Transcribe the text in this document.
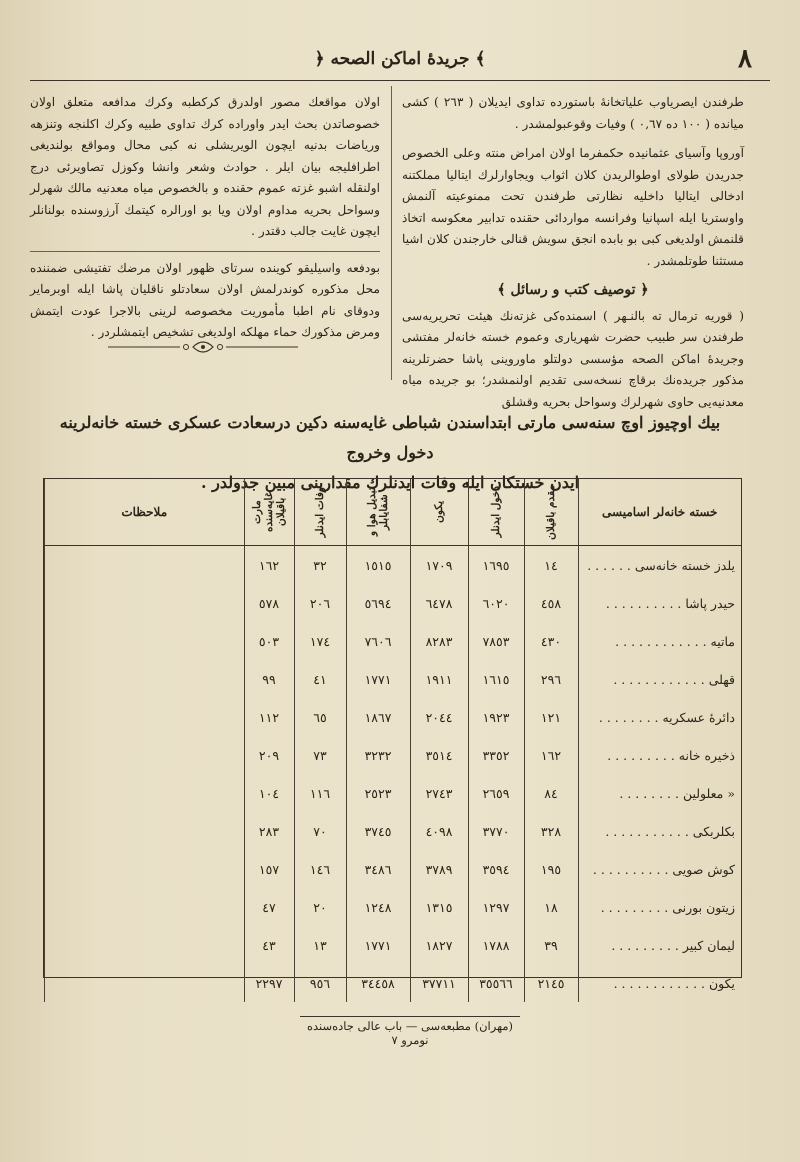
٨
﴿ جريدهٔ اماكن الصحه ﴾

طرفندن ايصرياوب علياتخانهٔ باستورده تداوى ايديلان ( ٢٦٣ ) كشى ميانده ( ١٠٠ ده ٠,٦٧ ) وفيات وقوعبولمشدر .

آوروپا وآسياى عثمانيده حكمفرما اولان امراض منته وعلى الخصوص جدريدن طولاى اوطوالريدن كلان اثواب ويجاوارلرك ايتاليا مملكتنه ادخالى ايتاليا داخليه نظارتى طرفندن تحت ممنوعيته آلنمش واوستريا ايله اسپانيا وفرانسه مواردائى حقنده تدابير معكوسه اتخاذ قلنمش اولديغى كبى بو بابده انجق سويش قنالى خارجندن كلان اشيا مستثنا طوتلمشدر .

﴿ توصيف كتب و رسائل ﴾

( قوريه ترمال ته بالنـهر ) اسمنده‌كى غزته‌نك هيئت تحريريه‌سى طرفندن سر طبيب حضرت شهريارى وعموم خسته خانه‌لر مفتشى وجريدهٔ اماكن الصحه مؤسسى دولتلو ماوروينى پاشا حضرتلرينه مذكور جريده‌نك برقاچ نسخه‌سى تقديم اولنمشدر؛ بو جريده مياه معدنيه‌يى حاوى شهرلرك وسواحل بحريه وقشلق

اولان مواقعك مصور اولدرق كركطبه وكرك مدافعه متعلق اولان خصوصاتدن بحث ايدر واوراده كرك تداوى طبيه وكرك اكلنجه وتنزهه ورياضات بدنيه ايچون الويريشلى نه كبى محال ومواقع بولنديغى اطرافليجه بيان ايلر . حوادث وشعر وانشا وكوزل تصاويرئى درج اولنقله اشبو غزته عموم حقنده و بالخصوص مياه معدنيه مالك شهرلر وسواحل بحريه مداوم اولان ويا بو اورالره كيتمك آرزوسنده بولنانلر ايچون غايت جالب دقتدر .

بودفعه واسيليقو كوينده سرتاى ظهور اولان مرضك تفتيشى ضمننده محل مذكوره كوندرلمش اولان سعادتلو ناقليان پاشا ايله اوبرماير ودوقاى نام اطبا مأموريت مخصوصه لرينى بالاجرا عودت ايتمش ومرض مذكورك حماء مهلكه اولديغى تشخيص ايتمشلردر .

بيك اوچيوز اوچ سنه‌سى مارتى ابتداسندن شباطى غايه‌سنه دكين درسعادت عسكرى خسته خانه‌لرينه دخول وخروج
ايدن خستكان ايله وفات ايدنلرك مقدارينى مبين جدولدر .
خسته خانه‌لر اساميسى	مقدم باقيلان	دخول ايدنلر	يكون	تبديل هوا و شفايابلر	وفات ايدنلر	مارت غايه‌سنده باقيلان	ملاحظات
يلدز خسته خانه‌سى . . . . . .	١٤	١٦٩٥	١٧٠٩	١٥١٥	٣٢	١٦٢	
حيدر پاشا . . . . . . . . . .	٤٥٨	٦٠٢٠	٦٤٧٨	٥٦٩٤	٢٠٦	٥٧٨	
ماتيه . . . . . . . . . . . .	٤٣٠	٧٨٥٣	٨٢٨٣	٧٦٠٦	١٧٤	٥٠٣	
قهلى . . . . . . . . . . . .	٢٩٦	١٦١٥	١٩١١	١٧٧١	٤١	٩٩	
دائرهٔ عسكريه . . . . . . . .	١٢١	١٩٢٣	٢٠٤٤	١٨٦٧	٦٥	١١٢	
ذخيره خانه . . . . . . . . .	١٦٢	٣٣٥٢	٣٥١٤	٣٢٣٢	٧٣	٢٠٩	
« معلولين . . . . . . . .	٨٤	٢٦٥٩	٢٧٤٣	٢٥٢٣	١١٦	١٠٤	
بكلربكى . . . . . . . . . . .	٣٢٨	٣٧٧٠	٤٠٩٨	٣٧٤٥	٧٠	٢٨٣	
كوش صويى . . . . . . . . . .	١٩٥	٣٥٩٤	٣٧٨٩	٣٤٨٦	١٤٦	١٥٧	
زيتون بورنى . . . . . . . . .	١٨	١٢٩٧	١٣١٥	١٢٤٨	٢٠	٤٧	
ليمان كبير . . . . . . . . .	٣٩	١٧٨٨	١٨٢٧	١٧٧١	١٣	٤٣	
يكون . . . . . . . . . . . .	٢١٤٥	٣٥٥٦٦	٣٧٧١١	٣٤٤٥٨	٩٥٦	٢٢٩٧	
(مهران) مطبعه‌سى — باب عالى جاده‌سنده نومرو ٧
